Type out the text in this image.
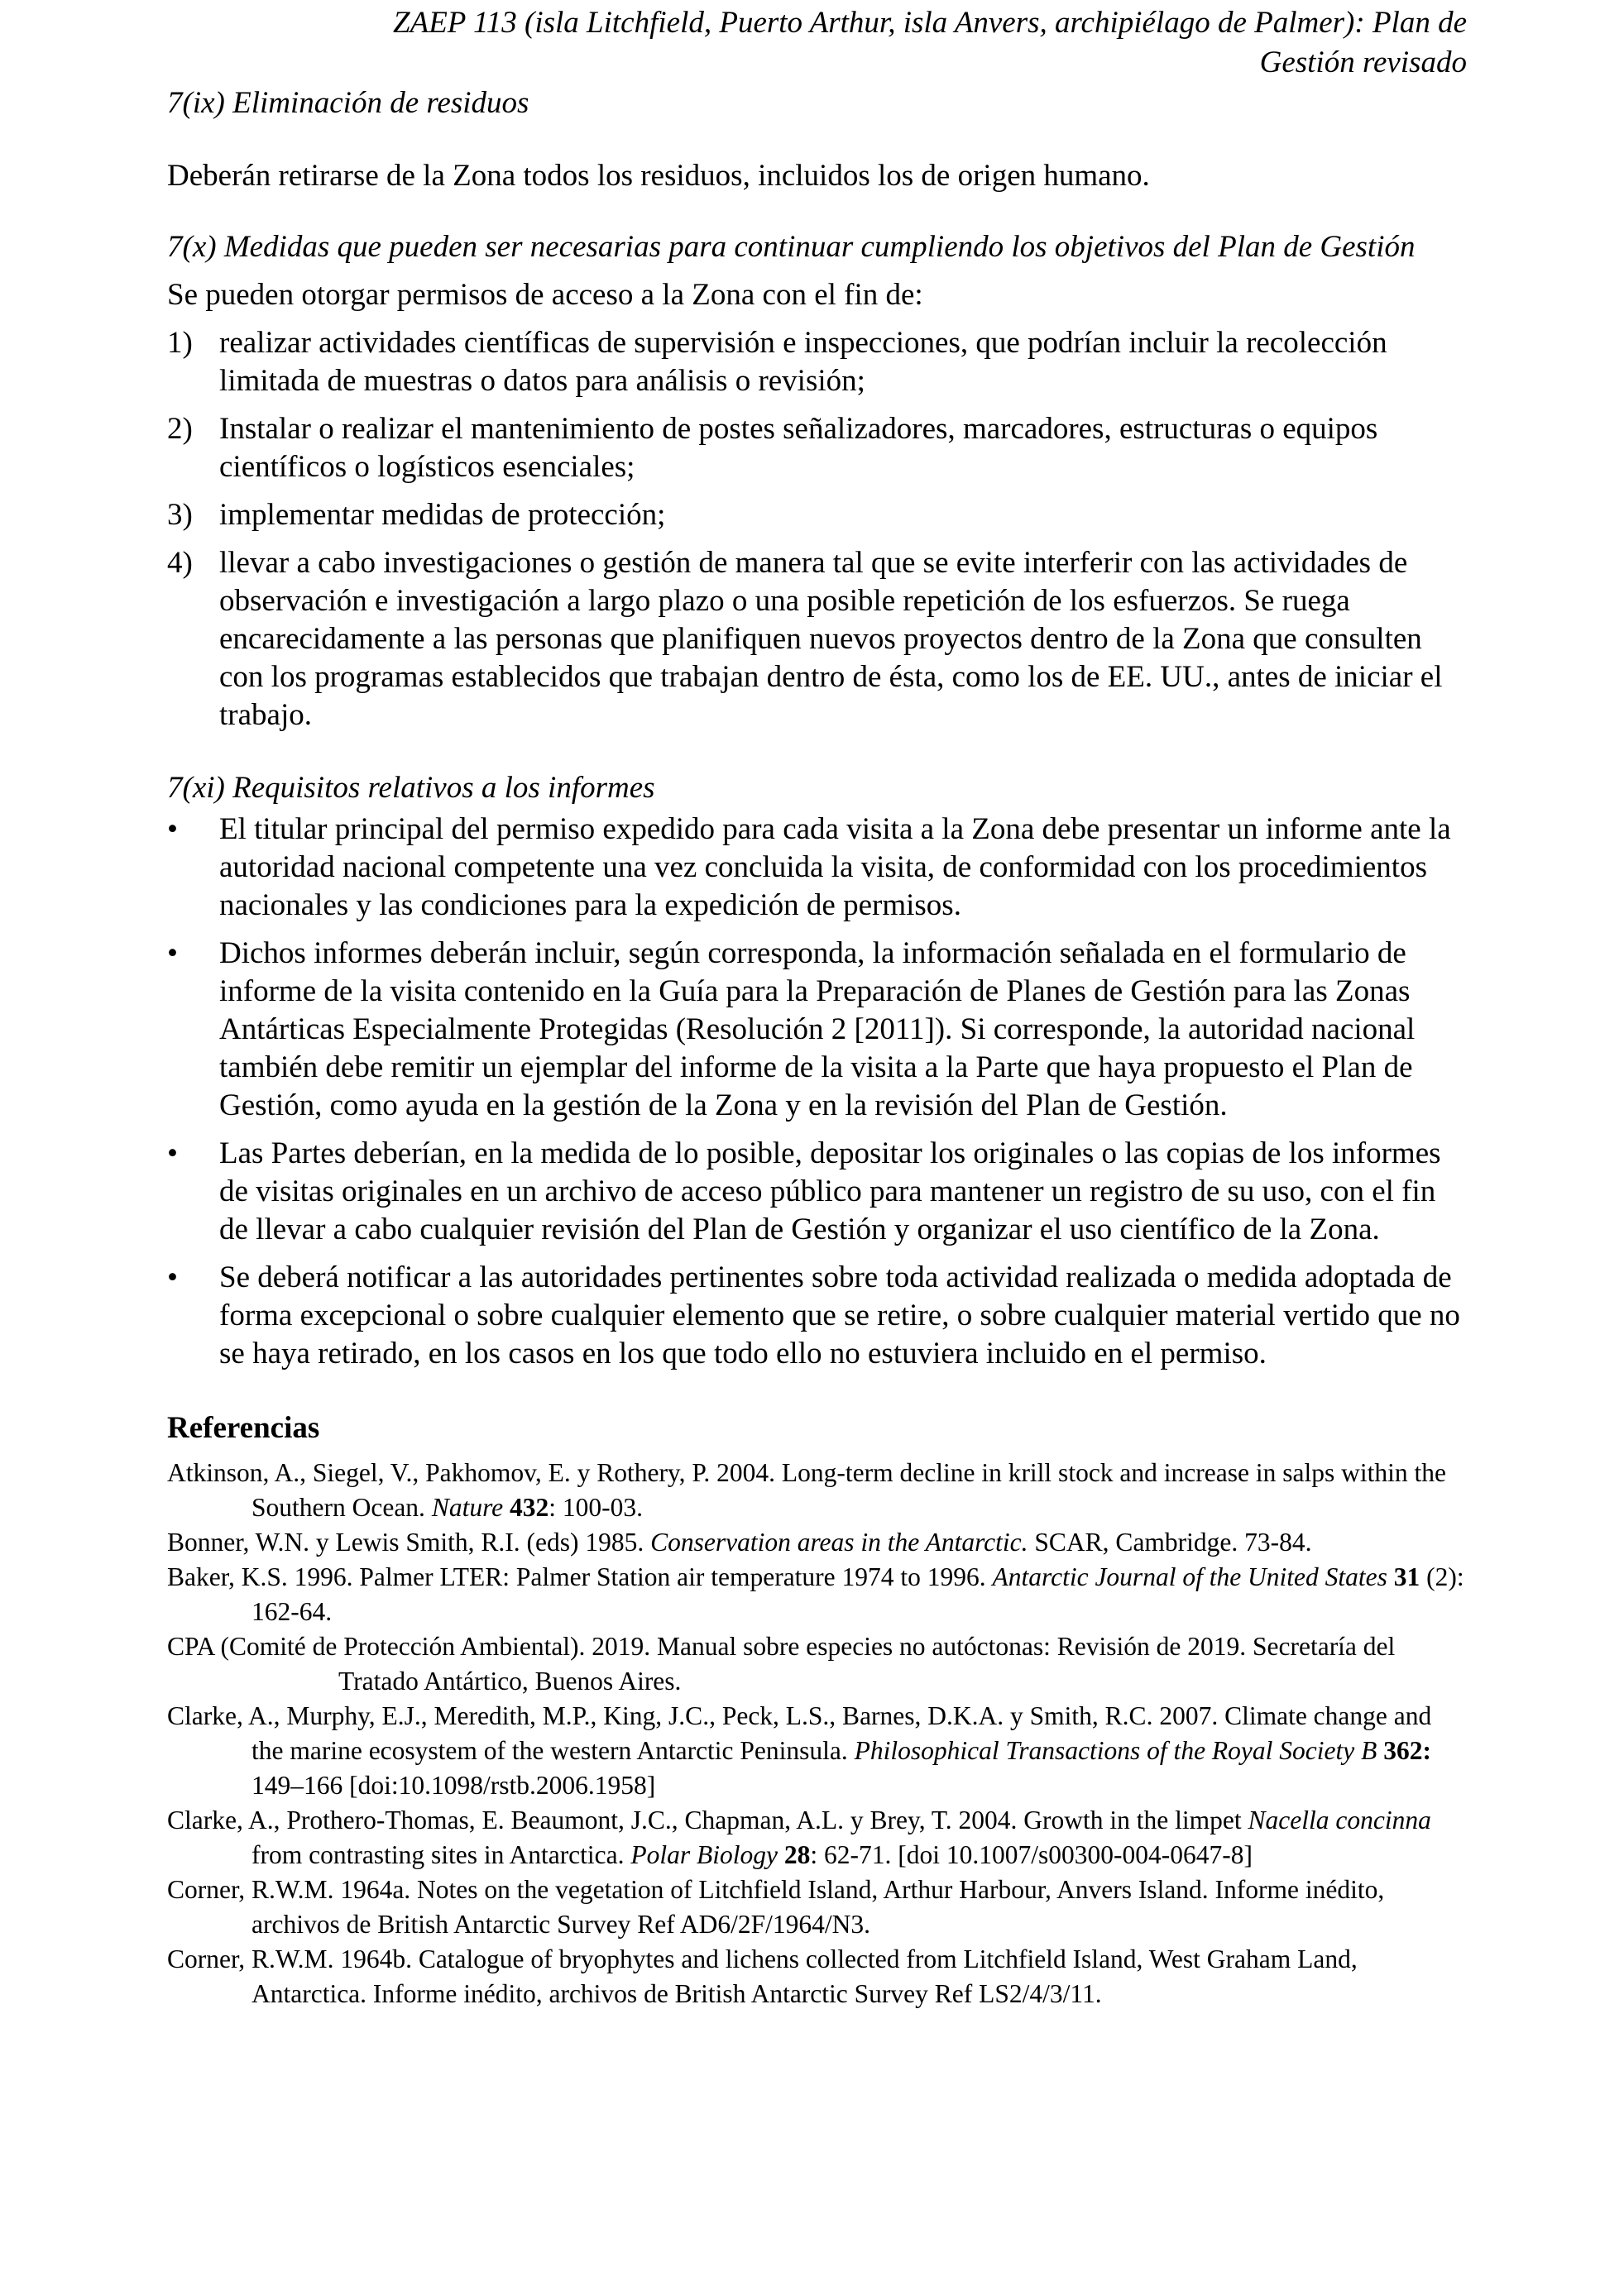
ZAEP 113 (isla Litchfield, Puerto Arthur, isla Anvers, archipiélago de Palmer): Plan de
Gestión revisado

7(ix) Eliminación de residuos

Deberán retirarse de la Zona todos los residuos, incluidos los de origen humano.

7(x) Medidas que pueden ser necesarias para continuar cumpliendo los objetivos del Plan de Gestión

Se pueden otorgar permisos de acceso a la Zona con el fin de:

1) realizar actividades científicas de supervisión e inspecciones, que podrían incluir la recolección limitada de muestras o datos para análisis o revisión;
2) Instalar o realizar el mantenimiento de postes señalizadores, marcadores, estructuras o equipos científicos o logísticos esenciales;
3) implementar medidas de protección;
4) llevar a cabo investigaciones o gestión de manera tal que se evite interferir con las actividades de observación e investigación a largo plazo o una posible repetición de los esfuerzos. Se ruega encarecidamente a las personas que planifiquen nuevos proyectos dentro de la Zona que consulten con los programas establecidos que trabajan dentro de ésta, como los de EE. UU., antes de iniciar el trabajo.

7(xi) Requisitos relativos a los informes

• El titular principal del permiso expedido para cada visita a la Zona debe presentar un informe ante la autoridad nacional competente una vez concluida la visita, de conformidad con los procedimientos nacionales y las condiciones para la expedición de permisos.
• Dichos informes deberán incluir, según corresponda, la información señalada en el formulario de informe de la visita contenido en la Guía para la Preparación de Planes de Gestión para las Zonas Antárticas Especialmente Protegidas (Resolución 2 [2011]). Si corresponde, la autoridad nacional también debe remitir un ejemplar del informe de la visita a la Parte que haya propuesto el Plan de Gestión, como ayuda en la gestión de la Zona y en la revisión del Plan de Gestión.
• Las Partes deberían, en la medida de lo posible, depositar los originales o las copias de los informes de visitas originales en un archivo de acceso público para mantener un registro de su uso, con el fin de llevar a cabo cualquier revisión del Plan de Gestión y organizar el uso científico de la Zona.
• Se deberá notificar a las autoridades pertinentes sobre toda actividad realizada o medida adoptada de forma excepcional o sobre cualquier elemento que se retire, o sobre cualquier material vertido que no se haya retirado, en los casos en los que todo ello no estuviera incluido en el permiso.

Referencias

Atkinson, A., Siegel, V., Pakhomov, E. y Rothery, P. 2004. Long-term decline in krill stock and increase in salps within the Southern Ocean. Nature 432: 100-03.

Bonner, W.N. y Lewis Smith, R.I. (eds) 1985. Conservation areas in the Antarctic. SCAR, Cambridge. 73-84.

Baker, K.S. 1996. Palmer LTER: Palmer Station air temperature 1974 to 1996. Antarctic Journal of the United States 31 (2): 162-64.

CPA (Comité de Protección Ambiental). 2019. Manual sobre especies no autóctonas: Revisión de 2019. Secretaría del Tratado Antártico, Buenos Aires.

Clarke, A., Murphy, E.J., Meredith, M.P., King, J.C., Peck, L.S., Barnes, D.K.A. y Smith, R.C. 2007. Climate change and the marine ecosystem of the western Antarctic Peninsula. Philosophical Transactions of the Royal Society B 362: 149–166 [doi:10.1098/rstb.2006.1958]

Clarke, A., Prothero-Thomas, E. Beaumont, J.C., Chapman, A.L. y Brey, T. 2004. Growth in the limpet Nacella concinna from contrasting sites in Antarctica. Polar Biology 28: 62-71. [doi 10.1007/s00300-004-0647-8]

Corner, R.W.M. 1964a. Notes on the vegetation of Litchfield Island, Arthur Harbour, Anvers Island. Informe inédito, archivos de British Antarctic Survey Ref AD6/2F/1964/N3.

Corner, R.W.M. 1964b. Catalogue of bryophytes and lichens collected from Litchfield Island, West Graham Land, Antarctica. Informe inédito, archivos de British Antarctic Survey Ref LS2/4/3/11.
